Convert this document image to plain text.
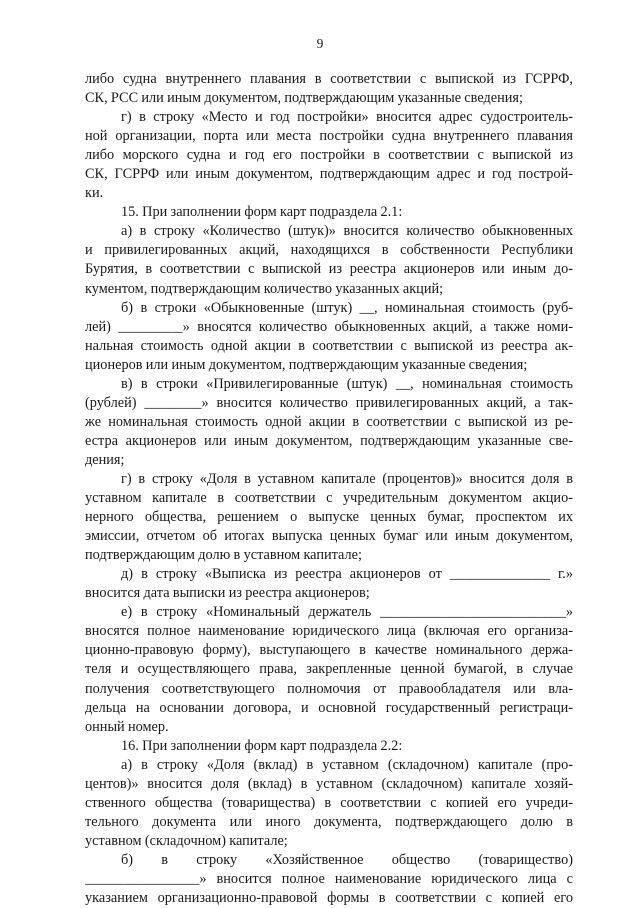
9
либо судна внутреннего плавания в соответствии с выпиской из ГСРРФ,
СК, РСС или иным документом, подтверждающим указанные сведения;
г) в строку «Место и год постройки» вносится адрес судостроитель-
ной организации, порта или места постройки судна внутреннего плавания
либо морского судна и год его постройки в соответствии с выпиской из
СК, ГСРРФ или иным документом, подтверждающим адрес и год построй-
ки.
15. При заполнении форм карт подраздела 2.1:
а) в строку «Количество (штук)» вносится количество обыкновенных
и привилегированных акций, находящихся в собственности Республики
Бурятия, в соответствии с выпиской из реестра акционеров или иным до-
кументом, подтверждающим количество указанных акций;
б) в строки «Обыкновенные (штук) __, номинальная стоимость (руб-
лей) _________» вносятся количество обыкновенных акций, а также номи-
нальная стоимость одной акции в соответствии с выпиской из реестра ак-
ционеров или иным документом, подтверждающим указанные сведения;
в) в строки «Привилегированные (штук) __, номинальная стоимость
(рублей) ________» вносится количество привилегированных акций, а так-
же номинальная стоимость одной акции в соответствии с выпиской из ре-
естра акционеров или иным документом, подтверждающим указанные све-
дения;
г) в строку «Доля в уставном капитале (процентов)» вносится доля в
уставном капитале в соответствии с учредительным документом акцио-
нерного общества, решением о выпуске ценных бумаг, проспектом их
эмиссии, отчетом об итогах выпуска ценных бумаг или иным документом,
подтверждающим долю в уставном капитале;
д) в строку «Выписка из реестра акционеров от ______________ г.»
вносится дата выписки из реестра акционеров;
е) в строку «Номинальный держатель __________________________»
вносятся полное наименование юридического лица (включая его организа-
ционно-правовую форму), выступающего в качестве номинального держа-
теля и осуществляющего права, закрепленные ценной бумагой, в случае
получения соответствующего полномочия от правообладателя или вла-
дельца на основании договора, и основной государственный регистраци-
онный номер.
16. При заполнении форм карт подраздела 2.2:
а) в строку «Доля (вклад) в уставном (складочном) капитале (про-
центов)» вносится доля (вклад) в уставном (складочном) капитале хозяй-
ственного общества (товарищества) в соответствии с копией его учреди-
тельного документа или иного документа, подтверждающего долю в
уставном (складочном) капитале;
б) в строку «Хозяйственное общество (товарищество)
________________» вносится полное наименование юридического лица с
указанием организационно-правовой формы в соответствии с копией его
